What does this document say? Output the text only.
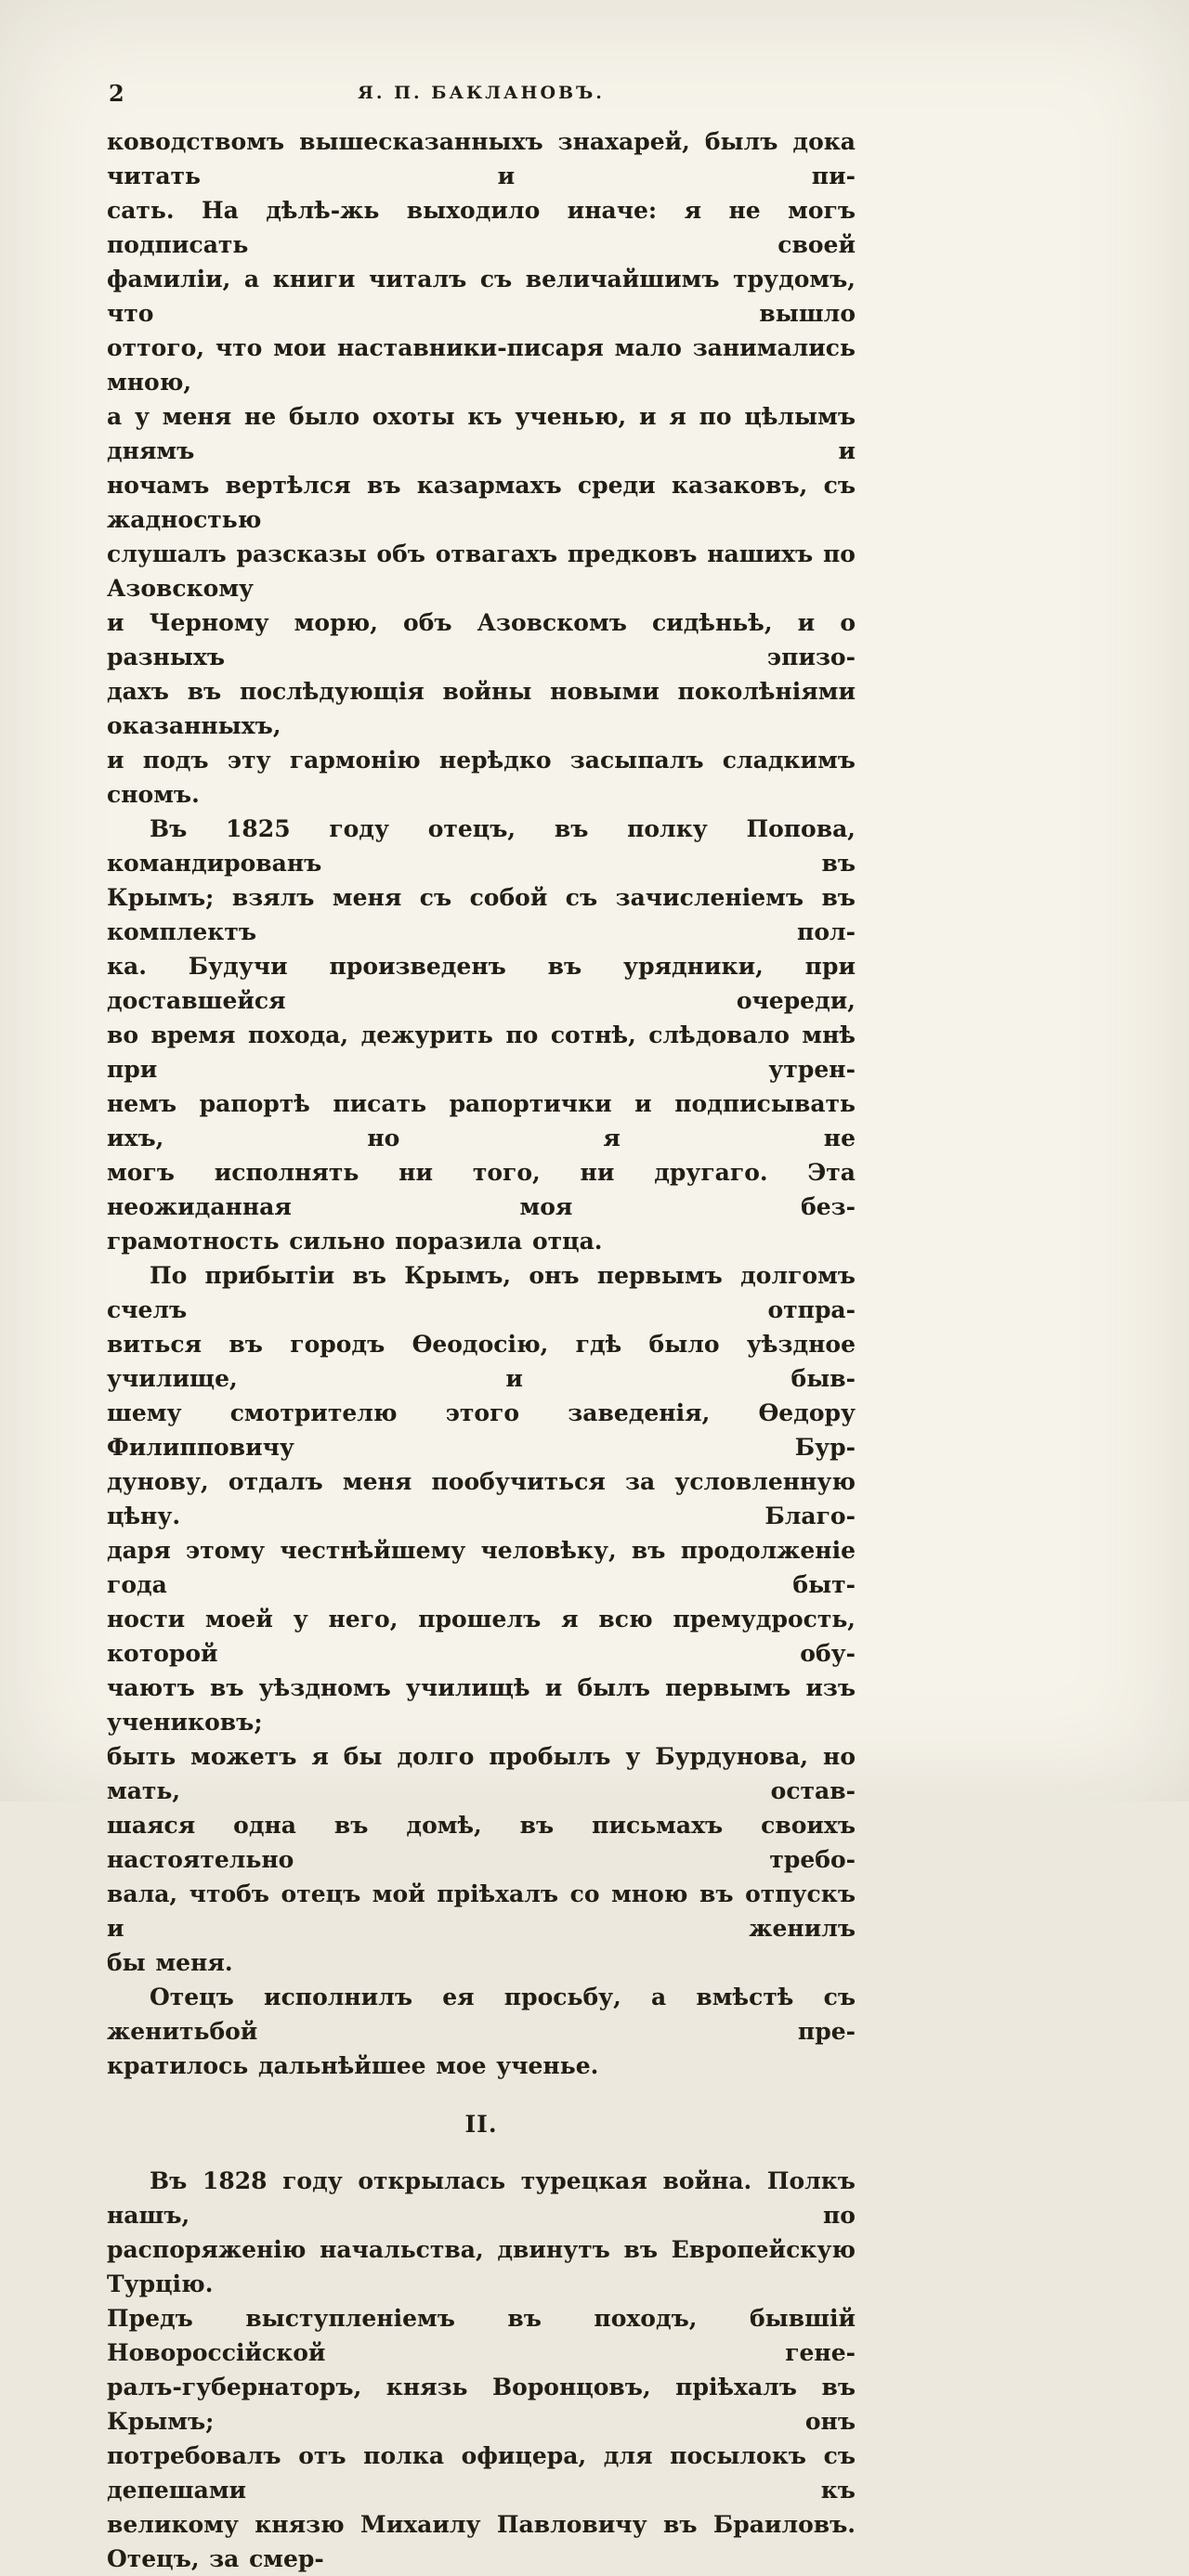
2	Я. П. БАКЛАНОВЪ.
ководствомъ вышесказанныхъ знахарей, былъ дока читать и пи-
сать. На дѣлѣ-жь выходило иначе: я не могъ подписать своей
фамиліи, а книги читалъ съ величайшимъ трудомъ, что вышло
оттого, что мои наставники-писаря мало занимались мною,
а у меня не было охоты къ ученью, и я по цѣлымъ днямъ и
ночамъ вертѣлся въ казармахъ среди казаковъ, съ жадностью
слушалъ разсказы объ отвагахъ предковъ нашихъ по Азовскому
и Черному морю, объ Азовскомъ сидѣньѣ, и о разныхъ эпизо-
дахъ въ послѣдующія войны новыми поколѣніями оказанныхъ,
и подъ эту гармонію нерѣдко засыпалъ сладкимъ сномъ.
Въ 1825 году отецъ, въ полку Попова, командированъ въ
Крымъ; взялъ меня съ собой съ зачисленіемъ въ комплектъ пол-
ка. Будучи произведенъ въ урядники, при доставшейся очереди,
во время похода, дежурить по сотнѣ, слѣдовало мнѣ при утрен-
немъ рапортѣ писать рапортички и подписывать ихъ, но я не
могъ исполнять ни того, ни другаго. Эта неожиданная моя без-
грамотность сильно поразила отца.
По прибытіи въ Крымъ, онъ первымъ долгомъ счелъ отпра-
виться въ городъ Ѳеодосію, гдѣ было уѣздное училище, и быв-
шему смотрителю этого заведенія, Ѳедору Филипповичу Бур-
дунову, отдалъ меня пообучиться за условленную цѣну. Благо-
даря этому честнѣйшему человѣку, въ продолженіе года быт-
ности моей у него, прошелъ я всю премудрость, которой обу-
чаютъ въ уѣздномъ училищѣ и былъ первымъ изъ учениковъ;
быть можетъ я бы долго пробылъ у Бурдунова, но мать, остав-
шаяся одна въ домѣ, въ письмахъ своихъ настоятельно требо-
вала, чтобъ отецъ мой пріѣхалъ со мною въ отпускъ и женилъ
бы меня.
Отецъ исполнилъ ея просьбу, а вмѣстѣ съ женитьбой пре-
кратилось дальнѣйшее мое ученье.
II.
Въ 1828 году открылась турецкая война. Полкъ нашъ, по
распоряженію начальства, двинутъ въ Европейскую Турцію.
Предъ выступленіемъ въ походъ, бывшій Новороссійской гене-
ралъ-губернаторъ, князь Воронцовъ, пріѣхалъ въ Крымъ; онъ
потребовалъ отъ полка офицера, для посылокъ съ депешами къ
великому князю Михаилу Павловичу въ Браиловъ. Отецъ, за смер-
